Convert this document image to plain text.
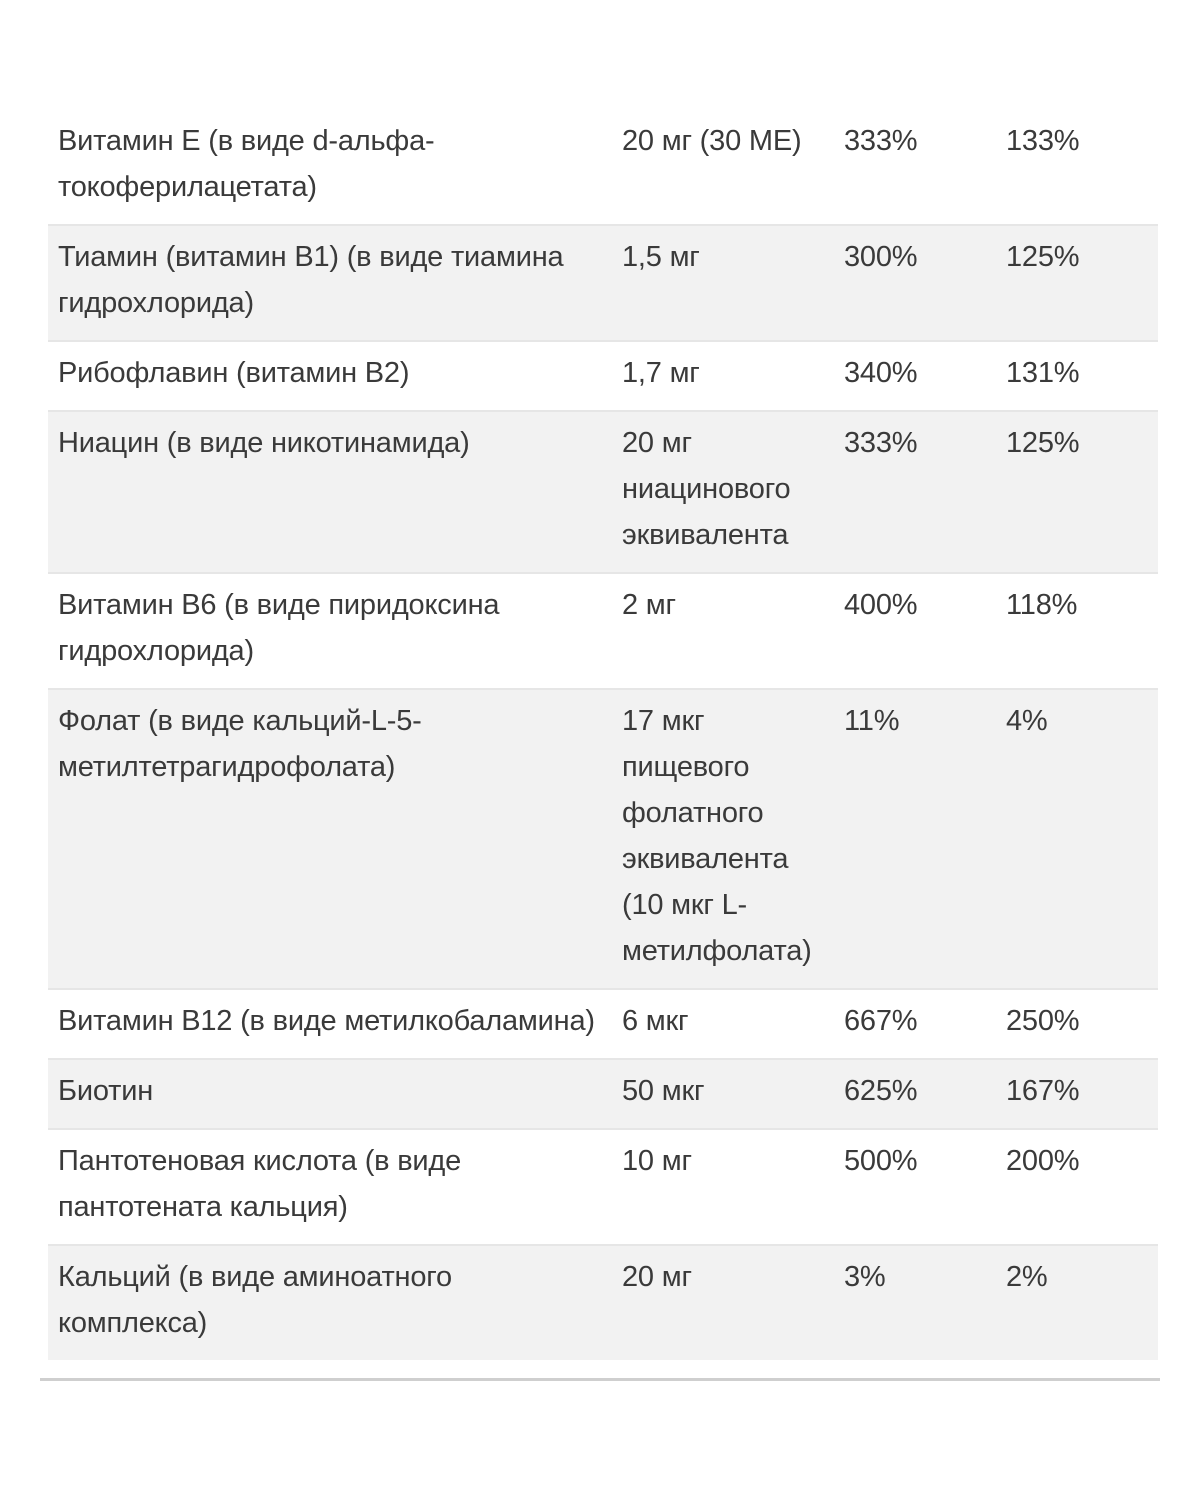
Витамин E (в виде d-альфа-токоферилацетата)	20 мг (30 МЕ)	333%	133%
Тиамин (витамин B1) (в виде тиамина гидрохлорида)	1,5 мг	300%	125%
Рибофлавин (витамин B2)	1,7 мг	340%	131%
Ниацин (в виде никотинамида)	20 мг ниацинового эквивалента	333%	125%
Витамин B6 (в виде пиридоксина гидрохлорида)	2 мг	400%	118%
Фолат (в виде кальций-L-5-метилтетрагидрофолата)	17 мкг пищевого фолатного эквивалента (10 мкг L-метилфолата)	11%	4%
Витамин B12 (в виде метилкобаламина)	6 мкг	667%	250%
Биотин	50 мкг	625%	167%
Пантотеновая кислота (в виде пантотената кальция)	10 мг	500%	200%
Кальций (в виде аминоатного комплекса)	20 мг	3%	2%
